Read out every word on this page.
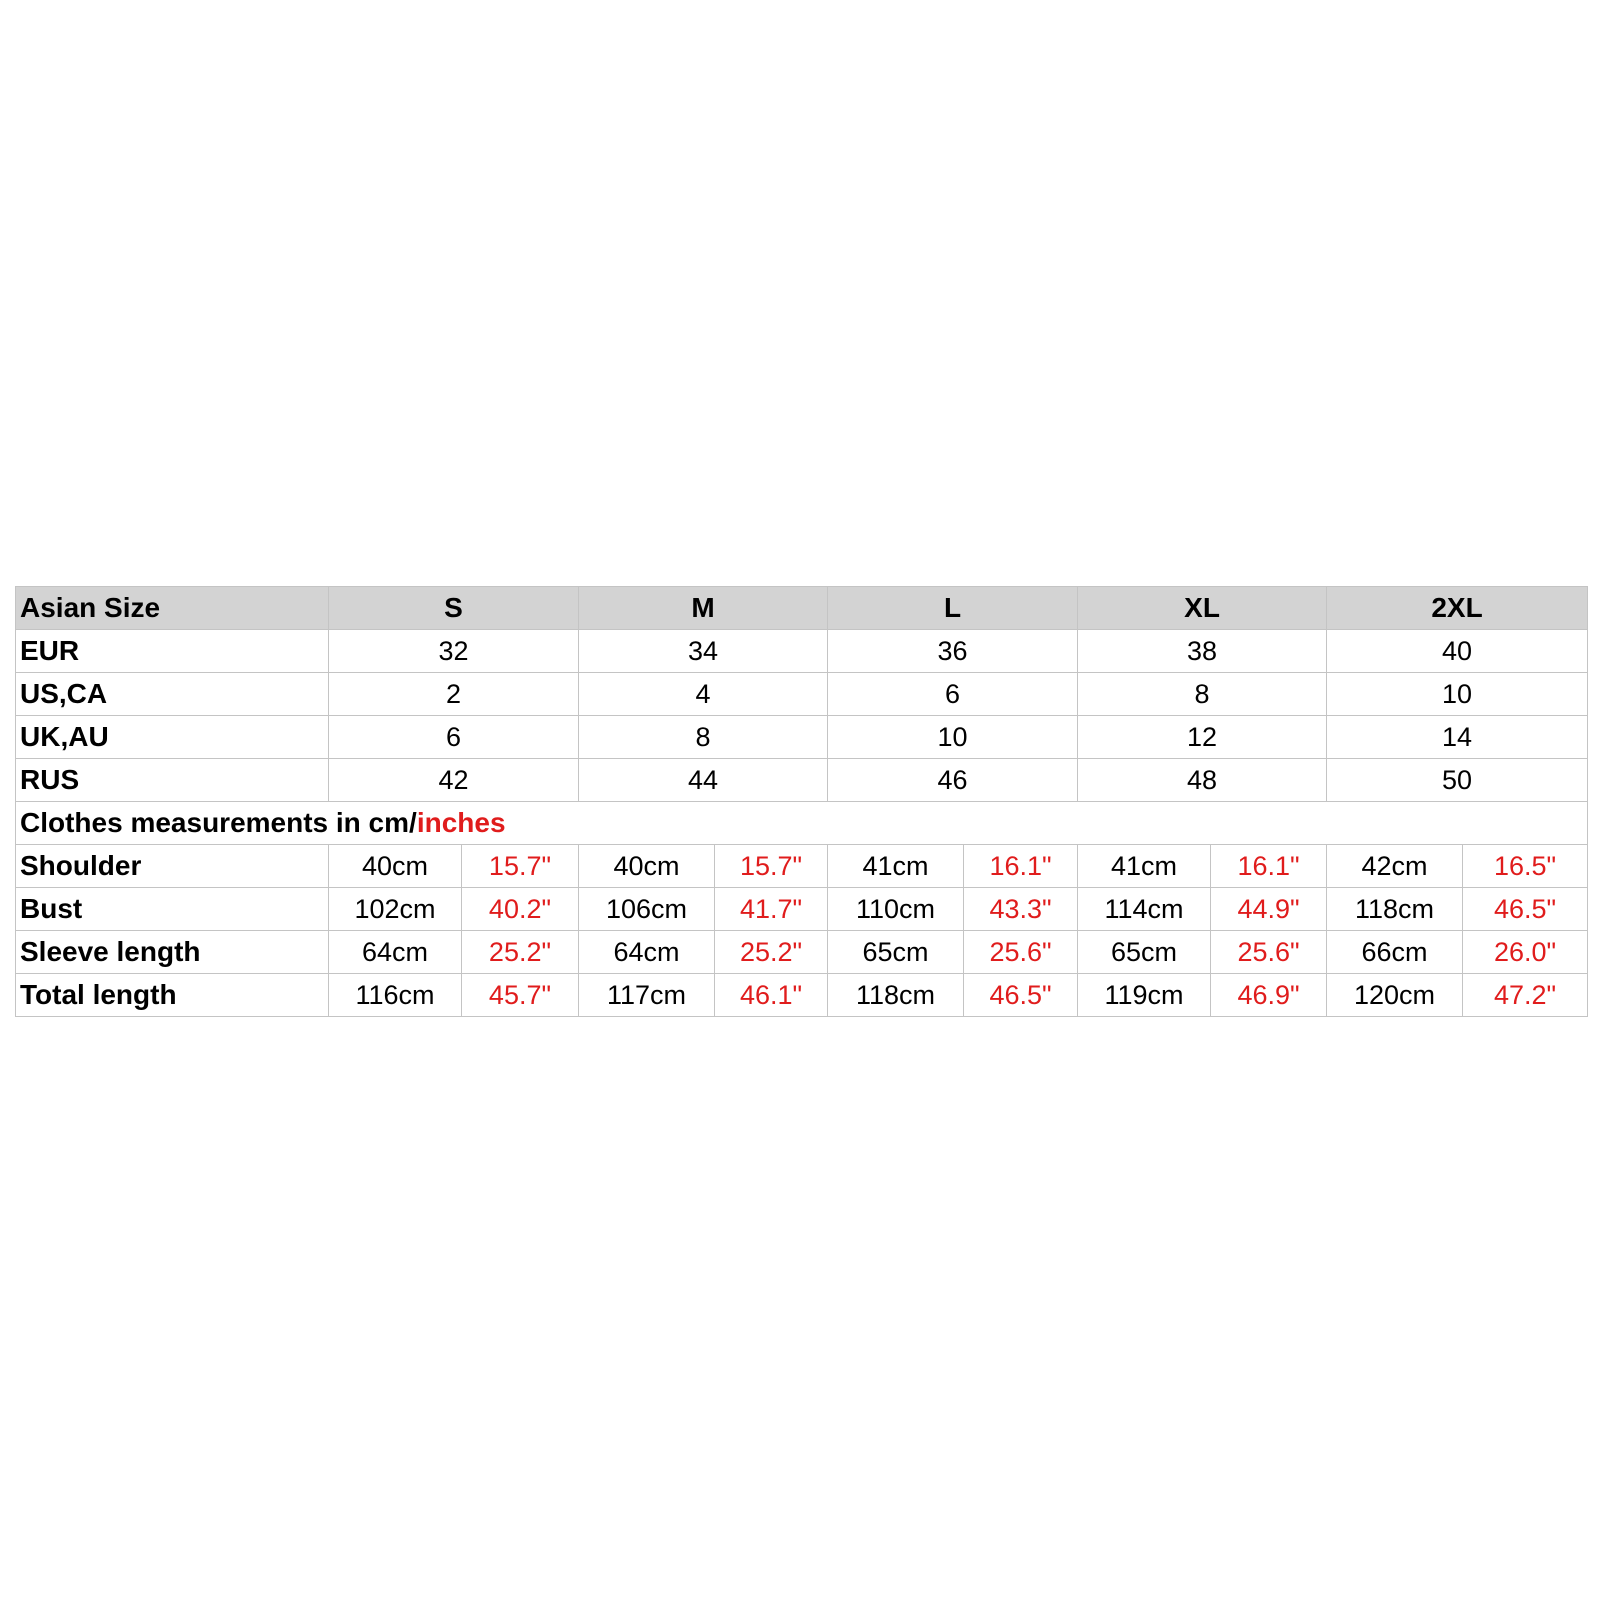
Asian Size	S		M		L		XL		2XL	
EUR	32		34		36		38		40	
US,CA	2		4		6		8		10	
UK,AU	6		8		10		12		14	
RUS	42		44		46		48		50	
Clothes measurements in cm/inches										
Shoulder	40cm	15.7"	40cm	15.7"	41cm	16.1"	41cm	16.1"	42cm	16.5"
Bust	102cm	40.2"	106cm	41.7"	110cm	43.3"	114cm	44.9"	118cm	46.5"
Sleeve length	64cm	25.2"	64cm	25.2"	65cm	25.6"	65cm	25.6"	66cm	26.0"
Total length	116cm	45.7"	117cm	46.1"	118cm	46.5"	119cm	46.9"	120cm	47.2"
